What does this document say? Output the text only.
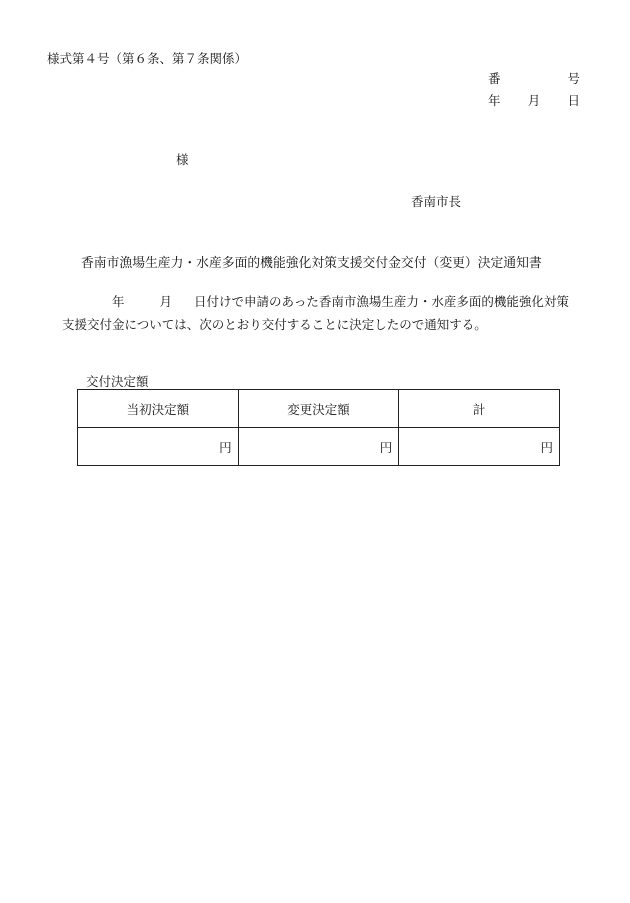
様式第４号（第６条、第７条関係）
番	号
年 月 日
様
香南市長
香南市漁場生産力・水産多面的機能強化対策支援交付金交付（変更）決定通知書
年	月 日付けで申請のあった香南市漁場生産力・水産多面的機能強化対策
支援交付金については、次のとおり交付することに決定したので通知する。
交付決定額
当初決定額	変更決定額	計
円	円	円
